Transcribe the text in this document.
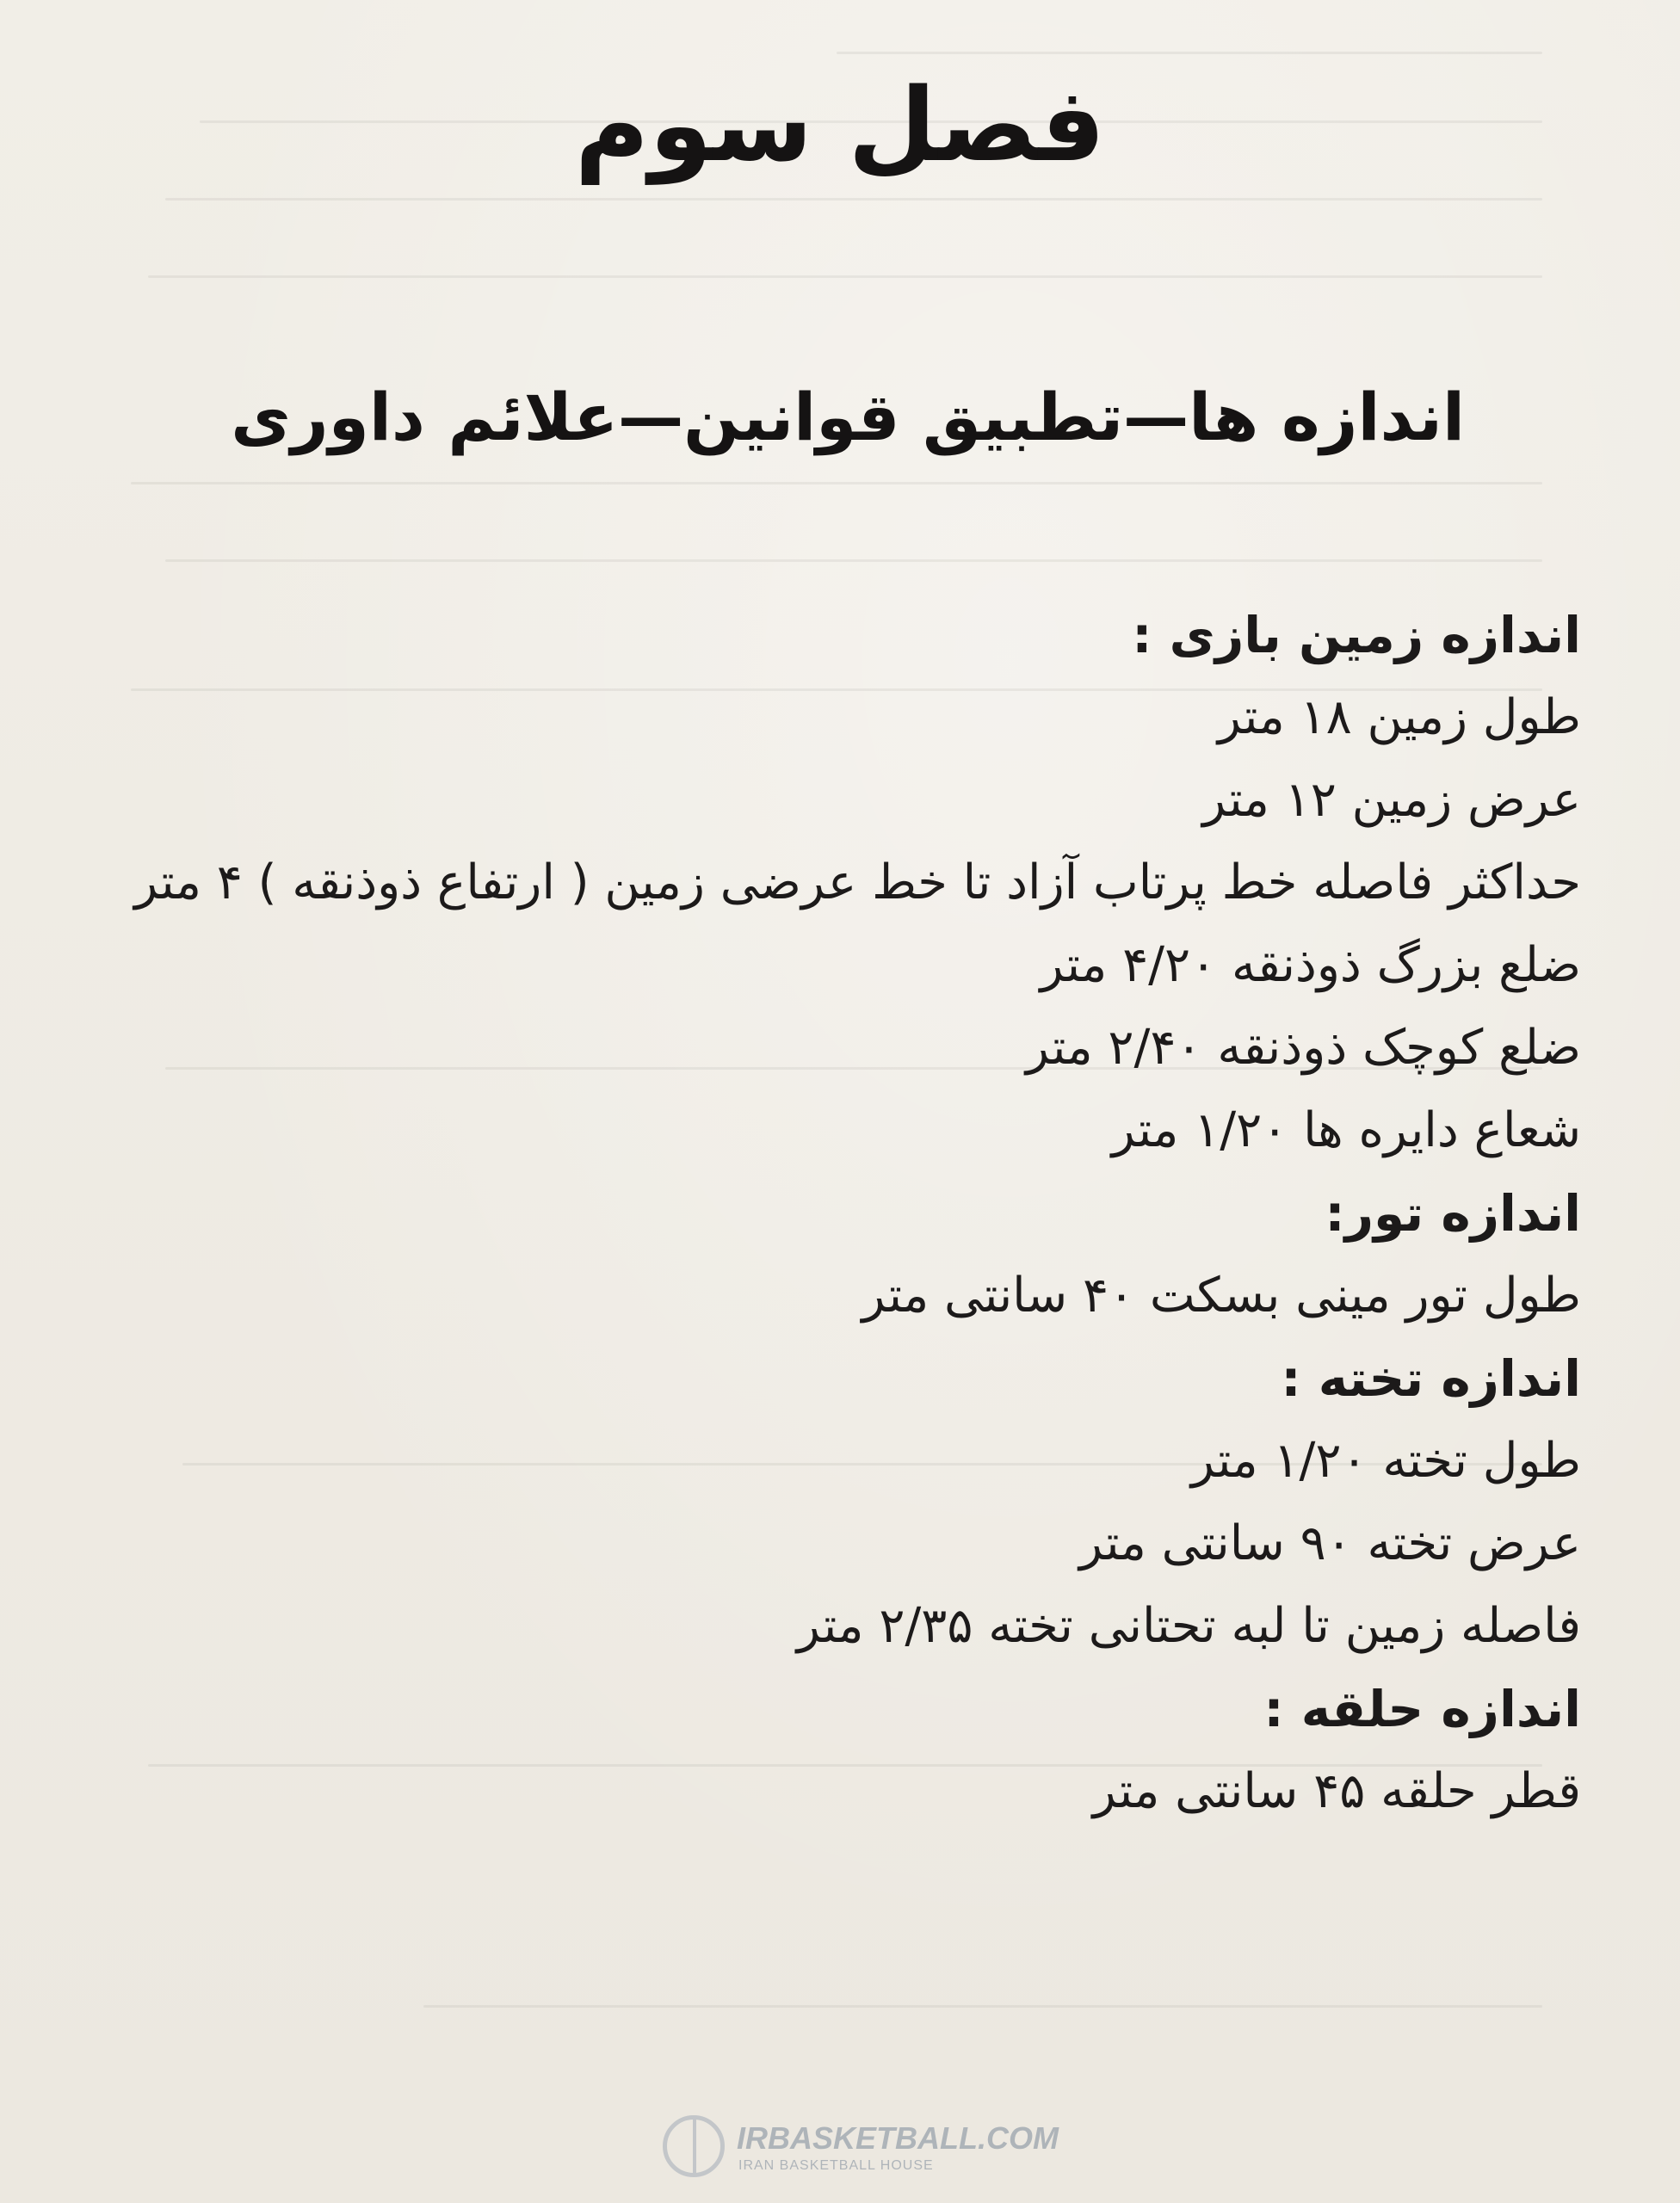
فصل سوم
اندازه ها—تطبیق قوانین—علائم داوری
اندازه زمین بازی :
طول زمین ۱۸ متر
عرض زمین ۱۲ متر
حداکثر فاصله خط پرتاب آزاد تا خط عرضی زمین ( ارتفاع ذوذنقه ) ۴ متر
ضلع بزرگ ذوذنقه ۴/۲۰ متر
ضلع کوچک ذوذنقه ۲/۴۰ متر
شعاع دایره ها ۱/۲۰ متر
اندازه تور:
طول تور مینی بسکت ۴۰ سانتی متر
اندازه تخته :
طول تخته ۱/۲۰ متر
عرض تخته ۹۰ سانتی متر
فاصله زمین تا لبه تحتانی تخته ۲/۳۵ متر
اندازه حلقه :
قطر حلقه ۴۵ سانتی متر
IRBASKETBALL.COM
IRAN BASKETBALL HOUSE
